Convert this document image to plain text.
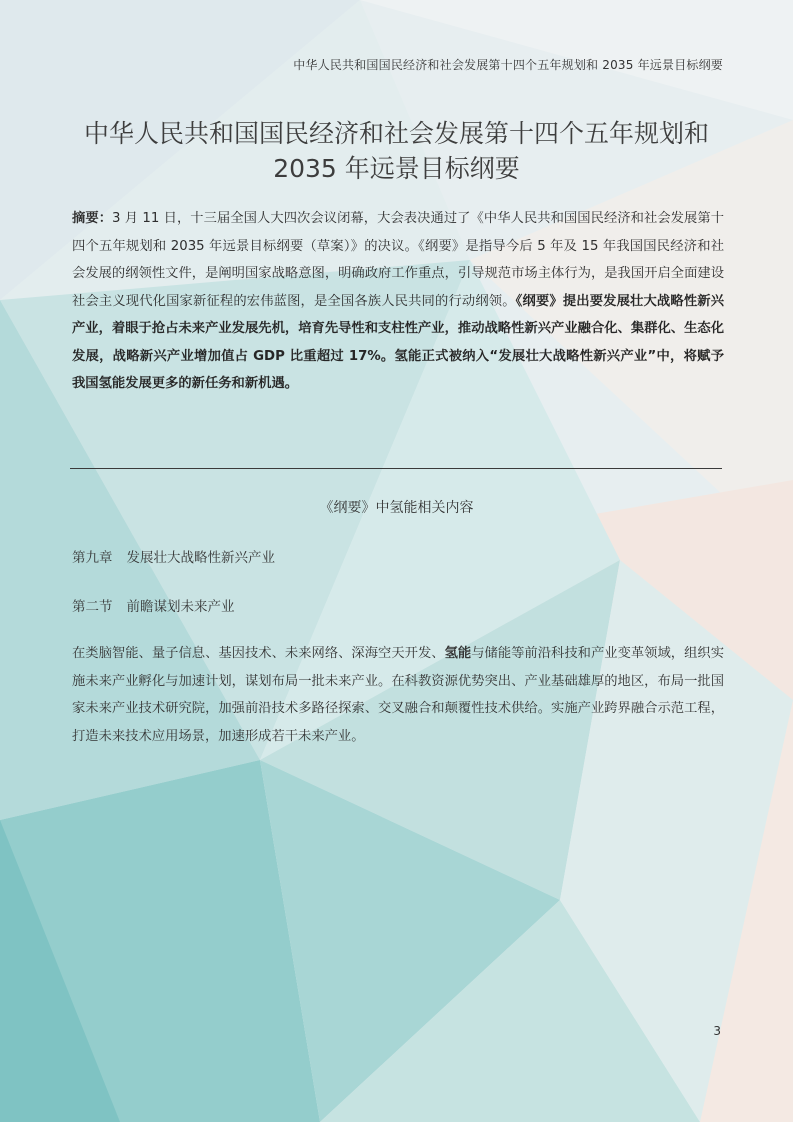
中华人民共和国国民经济和社会发展第十四个五年规划和 2035 年远景目标纲要
中华人民共和国国民经济和社会发展第十四个五年规划和
2035 年远景目标纲要
摘要：3 月 11 日，十三届全国人大四次会议闭幕，大会表决通过了《中华人民共和国国民经济和社会发展第十四个五年规划和 2035 年远景目标纲要（草案）》的决议。《纲要》是指导今后 5 年及 15 年我国国民经济和社会发展的纲领性文件，是阐明国家战略意图，明确政府工作重点，引导规范市场主体行为，是我国开启全面建设社会主义现代化国家新征程的宏伟蓝图，是全国各族人民共同的行动纲领。《纲要》提出要发展壮大战略性新兴产业，着眼于抢占未来产业发展先机，培育先导性和支柱性产业，推动战略性新兴产业融合化、集群化、生态化发展，战略新兴产业增加值占 GDP 比重超过 17%。氢能正式被纳入“发展壮大战略性新兴产业”中，将赋予我国氢能发展更多的新任务和新机遇。
《纲要》中氢能相关内容
第九章 发展壮大战略性新兴产业
第二节 前瞻谋划未来产业
在类脑智能、量子信息、基因技术、未来网络、深海空天开发、氢能与储能等前沿科技和产业变革领域，组织实施未来产业孵化与加速计划，谋划布局一批未来产业。在科教资源优势突出、产业基础雄厚的地区，布局一批国家未来产业技术研究院，加强前沿技术多路径探索、交叉融合和颠覆性技术供给。实施产业跨界融合示范工程，打造未来技术应用场景，加速形成若干未来产业。
3
